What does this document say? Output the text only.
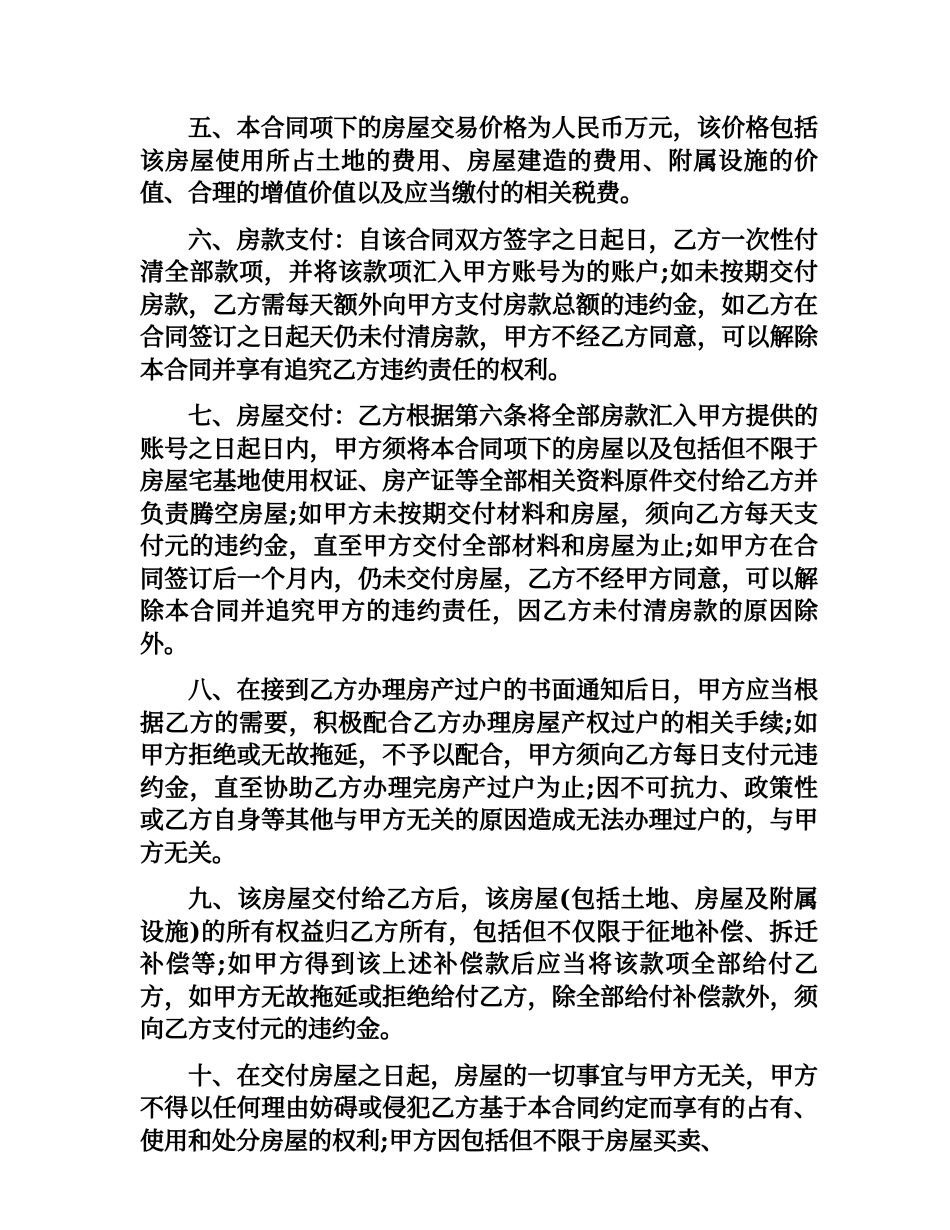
五、本合同项下的房屋交易价格为人民币万元，该价格包括该房屋使用所占土地的费用、房屋建造的费用、附属设施的价值、合理的增值价值以及应当缴付的相关税费。

六、房款支付：自该合同双方签字之日起日，乙方一次性付清全部款项，并将该款项汇入甲方账号为的账户;如未按期交付房款，乙方需每天额外向甲方支付房款总额的违约金，如乙方在合同签订之日起天仍未付清房款，甲方不经乙方同意，可以解除本合同并享有追究乙方违约责任的权利。

七、房屋交付：乙方根据第六条将全部房款汇入甲方提供的账号之日起日内，甲方须将本合同项下的房屋以及包括但不限于房屋宅基地使用权证、房产证等全部相关资料原件交付给乙方并负责腾空房屋;如甲方未按期交付材料和房屋，须向乙方每天支付元的违约金，直至甲方交付全部材料和房屋为止;如甲方在合同签订后一个月内，仍未交付房屋，乙方不经甲方同意，可以解除本合同并追究甲方的违约责任，因乙方未付清房款的原因除外。

八、在接到乙方办理房产过户的书面通知后日，甲方应当根据乙方的需要，积极配合乙方办理房屋产权过户的相关手续;如甲方拒绝或无故拖延，不予以配合，甲方须向乙方每日支付元违约金，直至协助乙方办理完房产过户为止;因不可抗力、政策性或乙方自身等其他与甲方无关的原因造成无法办理过户的，与甲方无关。

九、该房屋交付给乙方后，该房屋(包括土地、房屋及附属设施)的所有权益归乙方所有，包括但不仅限于征地补偿、拆迁补偿等;如甲方得到该上述补偿款后应当将该款项全部给付乙方，如甲方无故拖延或拒绝给付乙方，除全部给付补偿款外，须向乙方支付元的违约金。

十、在交付房屋之日起，房屋的一切事宜与甲方无关，甲方不得以任何理由妨碍或侵犯乙方基于本合同约定而享有的占有、使用和处分房屋的权利;甲方因包括但不限于房屋买卖、
